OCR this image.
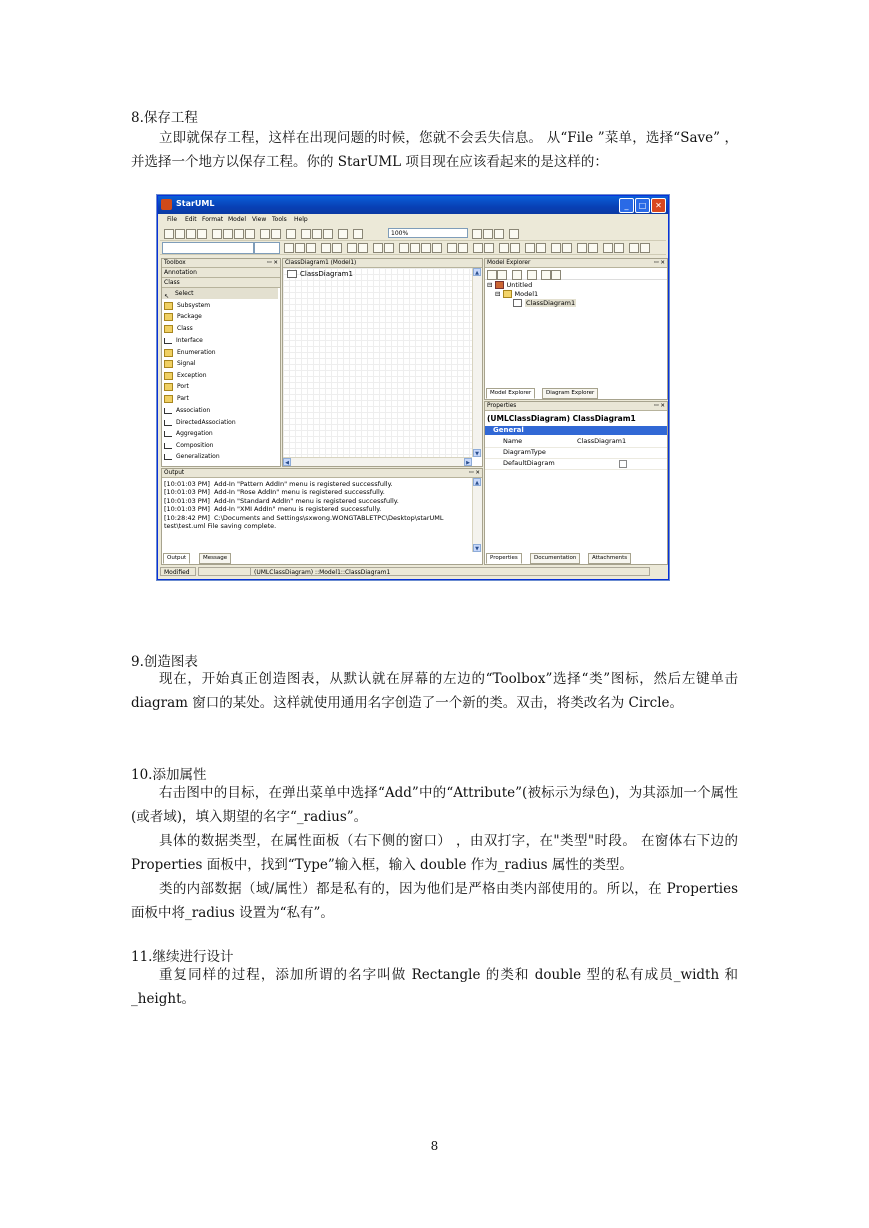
8.保存工程

立即就保存工程，这样在出现问题的时候，您就不会丢失信息。 从“File ”菜单，选择“Save” ，并选择一个地方以保存工程。你的 StarUML 项目现在应该看起来的是这样的：

StarUML	_	□	✕
File Edit Format Model View Tools Help
100%
Toolbox	ꟷ ✕
Annotation
Class
↖ Select
Subsystem
Package
Class
Interface
Enumeration
Signal
Exception
Port
Part
Association
DirectedAssociation
Aggregation
Composition
Generalization
ClassDiagram1 (Model1)
ClassDiagram1	▲
▼
◀	▶
Model Explorer	ꟷ ✕
⊟ Untitled
⊟ Model1
ClassDiagram1
Model Explorer	Diagram Explorer
Properties	ꟷ ✕
(UMLClassDiagram) ClassDiagram1
General
Name	ClassDiagram1
DiagramType
DefaultDiagram
Properties	Documentation	Attachments
Output	ꟷ ✕
[10:01:03 PM]  Add-In "Pattern AddIn" menu is registered successfully.
[10:01:03 PM]  Add-In "Rose AddIn" menu is registered successfully.
[10:01:03 PM]  Add-In "Standard AddIn" menu is registered successfully.
[10:01:03 PM]  Add-In "XMI AddIn" menu is registered successfully.
[10:28:42 PM]  C:\Documents and Settings\sxwong.WONGTABLETPC\Desktop\starUML
test\test.uml File saving complete.
▲
▼
Output	Message
Modified	(UMLClassDiagram) ::Model1::ClassDiagram1
9.创造图表

现在，开始真正创造图表，从默认就在屏幕的左边的“Toolbox”选择“类”图标，然后左键单击 diagram 窗口的某处。这样就使用通用名字创造了一个新的类。双击，将类改名为 Circle。

10.添加属性

右击图中的目标，在弹出菜单中选择“Add”中的“Attribute”(被标示为绿色)，为其添加一个属性(或者域)，填入期望的名字“_radius”。

具体的数据类型，在属性面板（右下侧的窗口） ，由双打字，在"类型"时段。 在窗体右下边的 Properties 面板中，找到“Type”输入框，输入 double 作为_radius 属性的类型。

类的内部数据（域/属性）都是私有的，因为他们是严格由类内部使用的。所以，在 Properties 面板中将_radius 设置为“私有”。

11.继续进行设计

重复同样的过程，添加所谓的名字叫做 Rectangle 的类和 double 型的私有成员_width 和_height。

8
